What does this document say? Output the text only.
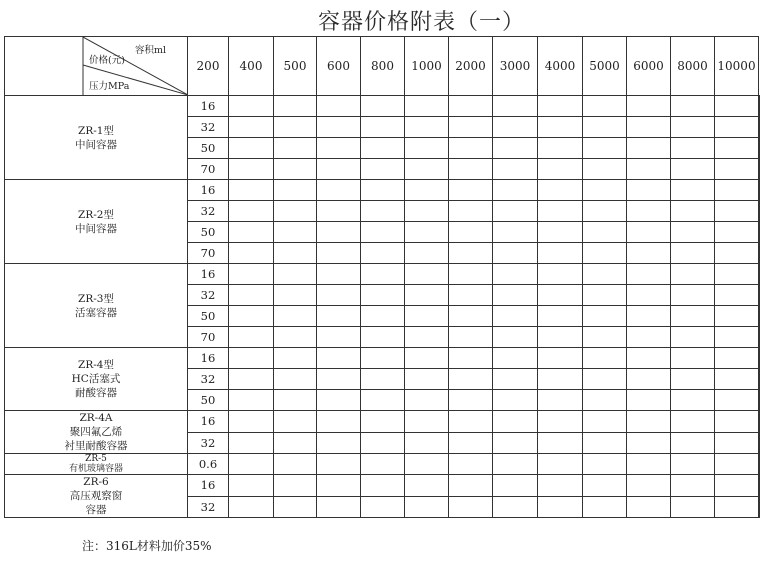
容器价格附表（一）
容积ml
价格(元)
压力MPa	200	400	500	600	800	1000	2000	3000	4000	5000	6000	8000	10000	

ZR-1型
中间容器	16													
	32													
	50													
	70													

ZR-2型
中间容器	16													
	32													
	50													
	70													

ZR-3型
活塞容器	16													
	32													
	50													
	70													

ZR-4型
HC活塞式
耐酸容器	16													
	32													
	50													

ZR-4A
聚四氟乙烯
衬里耐酸容器	16													
	32													

ZR-5
有机玻璃容器	0.6													

ZR-6
高压观察窗
容器	16													
	32													
注：316L材料加价35%
